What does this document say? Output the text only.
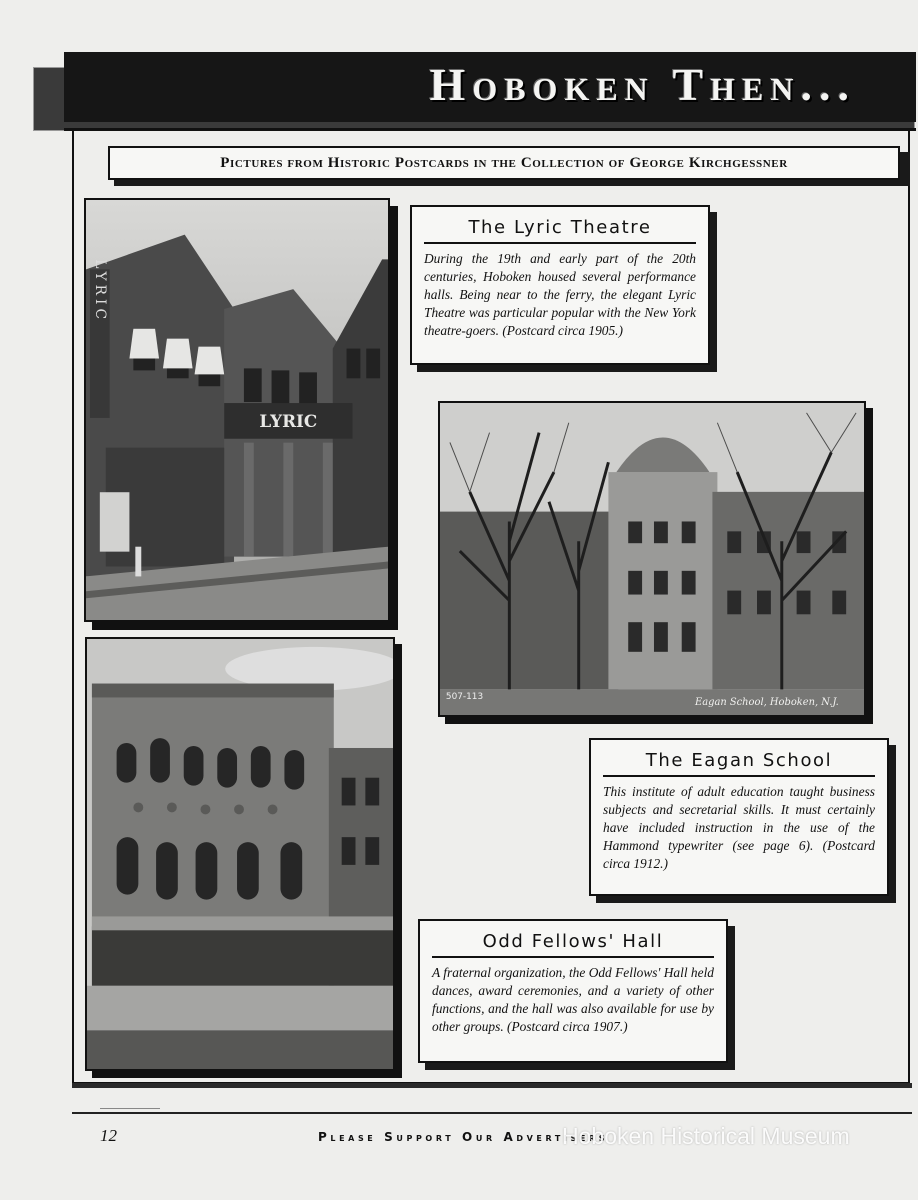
Hoboken Then...
Pictures from Historic Postcards in the Collection of George Kirchgessner
LYRIC
LYRIC
The Lyric Theatre
During the 19th and early part of the 20th centuries, Hoboken housed several performance halls. Being near to the ferry, the elegant Lyric Theatre was particular popular with the New York theatre-goers. (Postcard circa 1905.)
507-113	Eagan School, Hoboken, N.J.
The Eagan School
This institute of adult education taught business subjects and secretarial skills. It must certainly have included instruction in the use of the Hammond typewriter (see page 6). (Postcard circa 1912.)
Odd Fellows' Hall
A fraternal organization, the Odd Fellows' Hall held dances, award ceremonies, and a variety of other functions, and the hall was also available for use by other groups. (Postcard circa 1907.)
12	Please Support Our Advertisers
Hoboken Historical Museum
